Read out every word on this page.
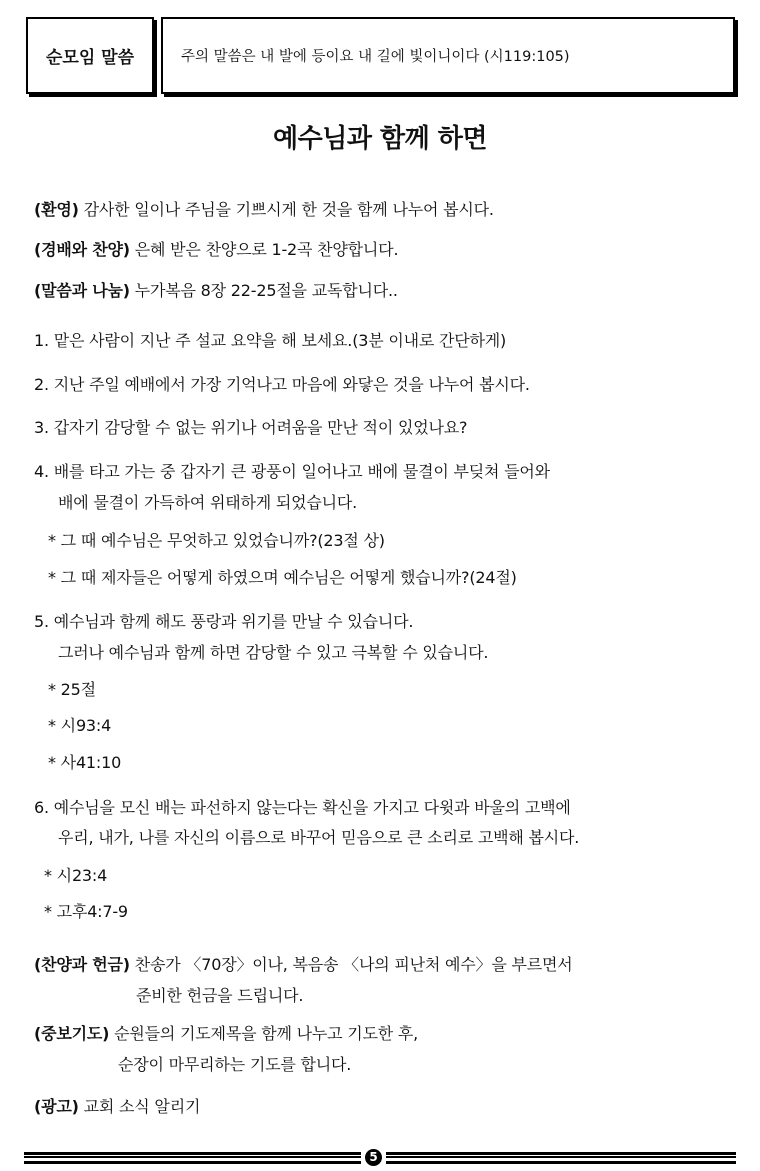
순모임 말씀	주의 말씀은 내 발에 등이요 내 길에 빛이니이다 (시119:105)
예수님과 함께 하면
(환영) 감사한 일이나 주님을 기쁘시게 한 것을 함께 나누어 봅시다.
(경배와 찬양) 은혜 받은 찬양으로 1-2곡 찬양합니다.
(말씀과 나눔) 누가복음 8장 22-25절을 교독합니다..
1. 맡은 사람이 지난 주 설교 요약을 해 보세요.(3분 이내로 간단하게)
2. 지난 주일 예배에서 가장 기억나고 마음에 와닿은 것을 나누어 봅시다.
3. 갑자기 감당할 수 없는 위기나 어려움을 만난 적이 있었나요?
4. 배를 타고 가는 중 갑자기 큰 광풍이 일어나고 배에 물결이 부딪쳐 들어와
배에 물결이 가득하여 위태하게 되었습니다.
* 그 때 예수님은 무엇하고 있었습니까?(23절 상)
* 그 때 제자들은 어떻게 하였으며 예수님은 어떻게 했습니까?(24절)
5. 예수님과 함께 해도 풍랑과 위기를 만날 수 있습니다.
그러나 예수님과 함께 하면 감당할 수 있고 극복할 수 있습니다.
* 25절
* 시93:4
* 사41:10
6. 예수님을 모신 배는 파선하지 않는다는 확신을 가지고 다윗과 바울의 고백에
우리, 내가, 나를 자신의 이름으로 바꾸어 믿음으로 큰 소리로 고백해 봅시다.
* 시23:4
* 고후4:7-9
(찬양과 헌금) 찬송가 〈70장〉이나, 복음송 〈나의 피난처 예수〉을 부르면서
준비한 헌금을 드립니다.
(중보기도) 순원들의 기도제목을 함께 나누고 기도한 후,
순장이 마무리하는 기도를 합니다.
(광고) 교회 소식 알리기
5
